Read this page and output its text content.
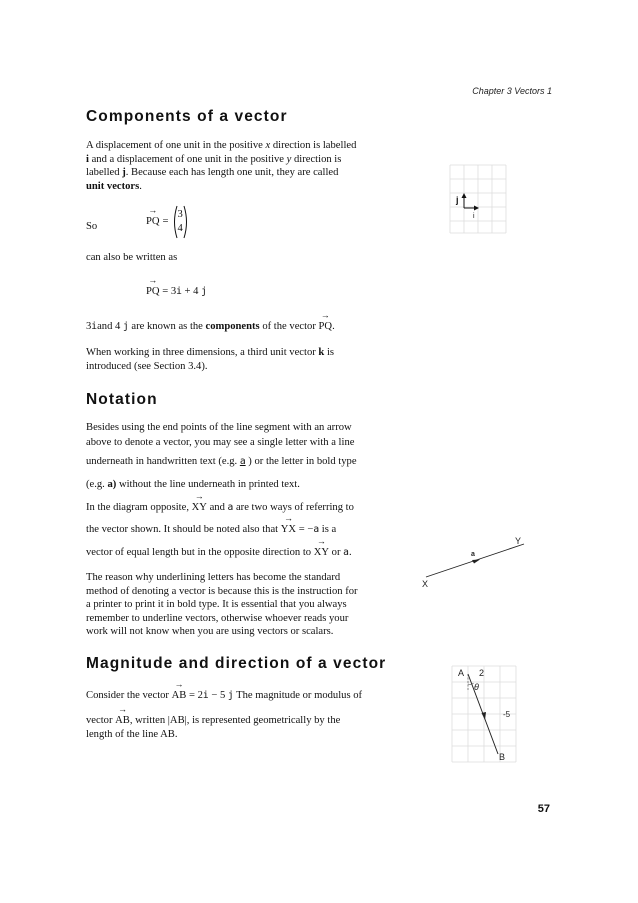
Chapter 3 Vectors 1
Components of a vector
A displacement of one unit in the positive x direction is labelled
i and a displacement of one unit in the positive y direction is
labelled j. Because each has length one unit, they are called
unit vectors.
So
→	PQ =
3
4
can also be written as
→ PQ = 3i + 4 j
3iand 4 j are known as the components of the vector → PQ.
When working in three dimensions, a third unit vector k is
introduced (see Section 3.4).
j
i
Notation
Besides using the end points of the line segment with an arrow
above to denote a vector, you may see a single letter with a line
underneath in handwritten text (e.g. a ) or the letter in bold type
(e.g. a) without the line underneath in printed text.
In the diagram opposite, → XY and a are two ways of referring to
the vector shown. It should be noted also that → YX = −a is a
vector of equal length but in the opposite direction to → XY or a.
The reason why underlining letters has become the standard
method of denoting a vector is because this is the instruction for
a printer to print it in bold type. It is essential that you always
remember to underline vectors, otherwise whoever reads your
work will not know when you are using vectors or scalars.
X
Y
a
Magnitude and direction of a vector
Consider the vector → AB = 2i − 5 j The magnitude or modulus of
vector → AB, written |AB|, is represented geometrically by the
length of the line AB.
A 2
θ
-5
B
57
